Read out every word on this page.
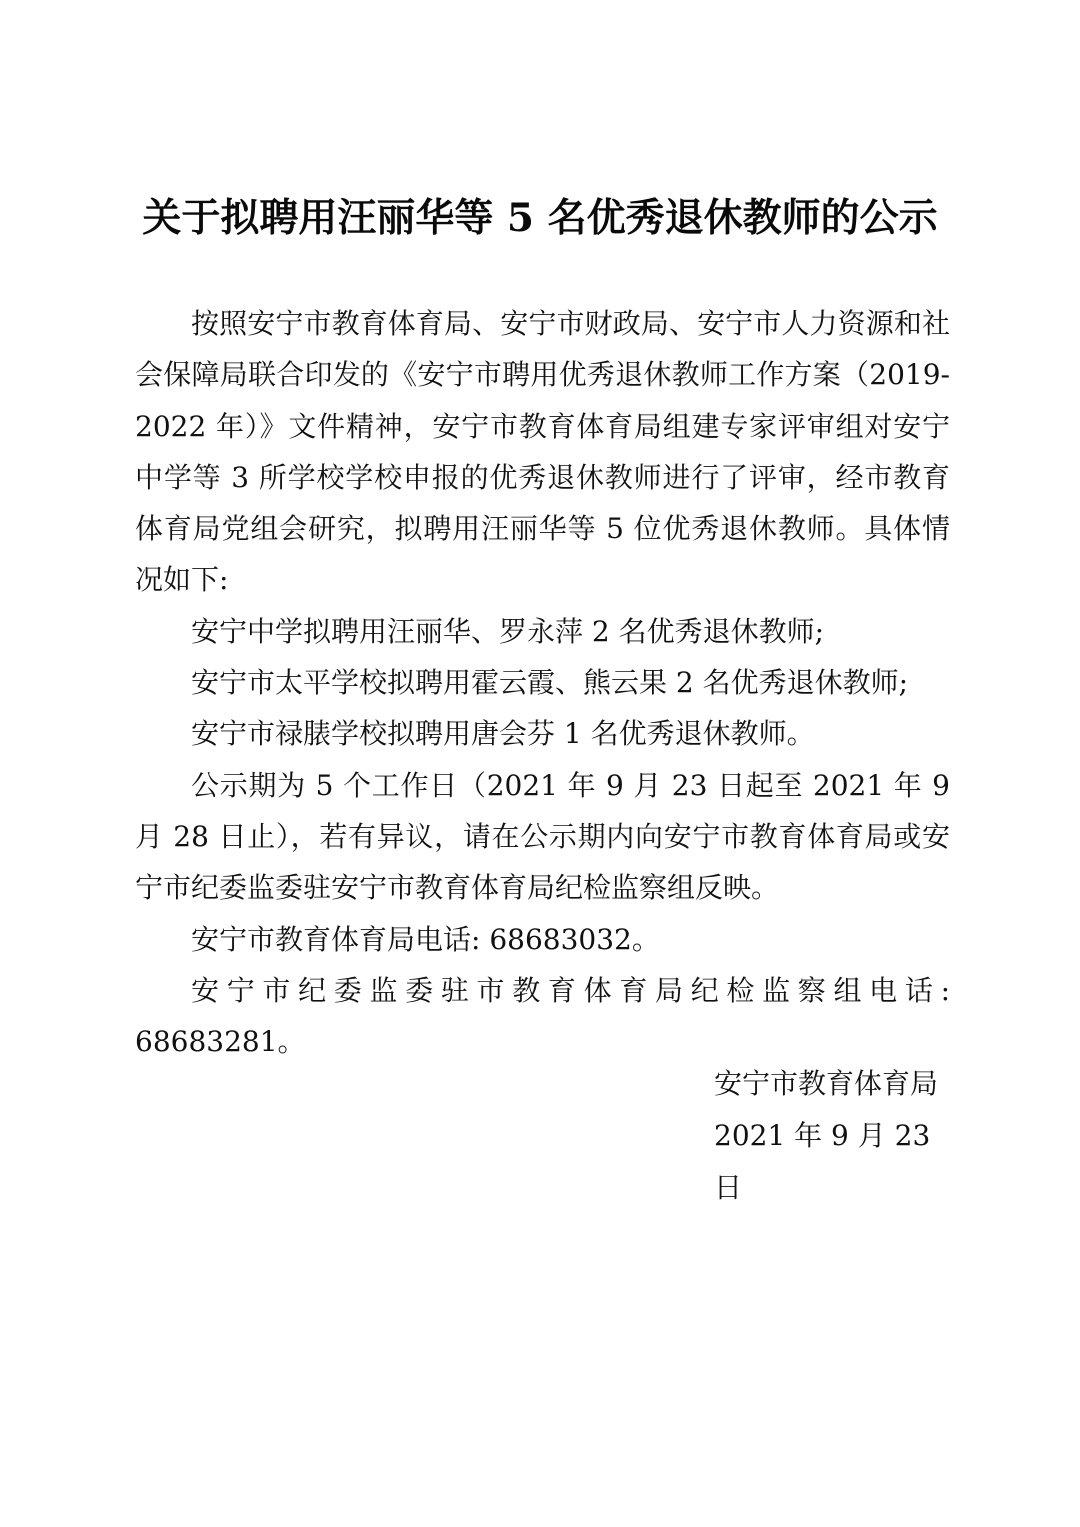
关于拟聘用汪丽华等 5 名优秀退休教师的公示

按照安宁市教育体育局、安宁市财政局、安宁市人力资源和社会保障局联合印发的《安宁市聘用优秀退休教师工作方案（2019-2022 年）》文件精神，安宁市教育体育局组建专家评审组对安宁中学等 3 所学校学校申报的优秀退休教师进行了评审，经市教育体育局党组会研究，拟聘用汪丽华等 5 位优秀退休教师。具体情况如下:

安宁中学拟聘用汪丽华、罗永萍 2 名优秀退休教师;

安宁市太平学校拟聘用霍云霞、熊云果 2 名优秀退休教师;

安宁市禄脿学校拟聘用唐会芬 1 名优秀退休教师。

公示期为 5 个工作日（2021 年 9 月 23 日起至 2021 年 9 月 28 日止），若有异议，请在公示期内向安宁市教育体育局或安宁市纪委监委驻安宁市教育体育局纪检监察组反映。

安宁市教育体育局电话: 68683032。

安宁市纪委监委驻市教育体育局纪检监察组电话: 68683281。

安宁市教育体育局
2021 年 9 月 23 日
